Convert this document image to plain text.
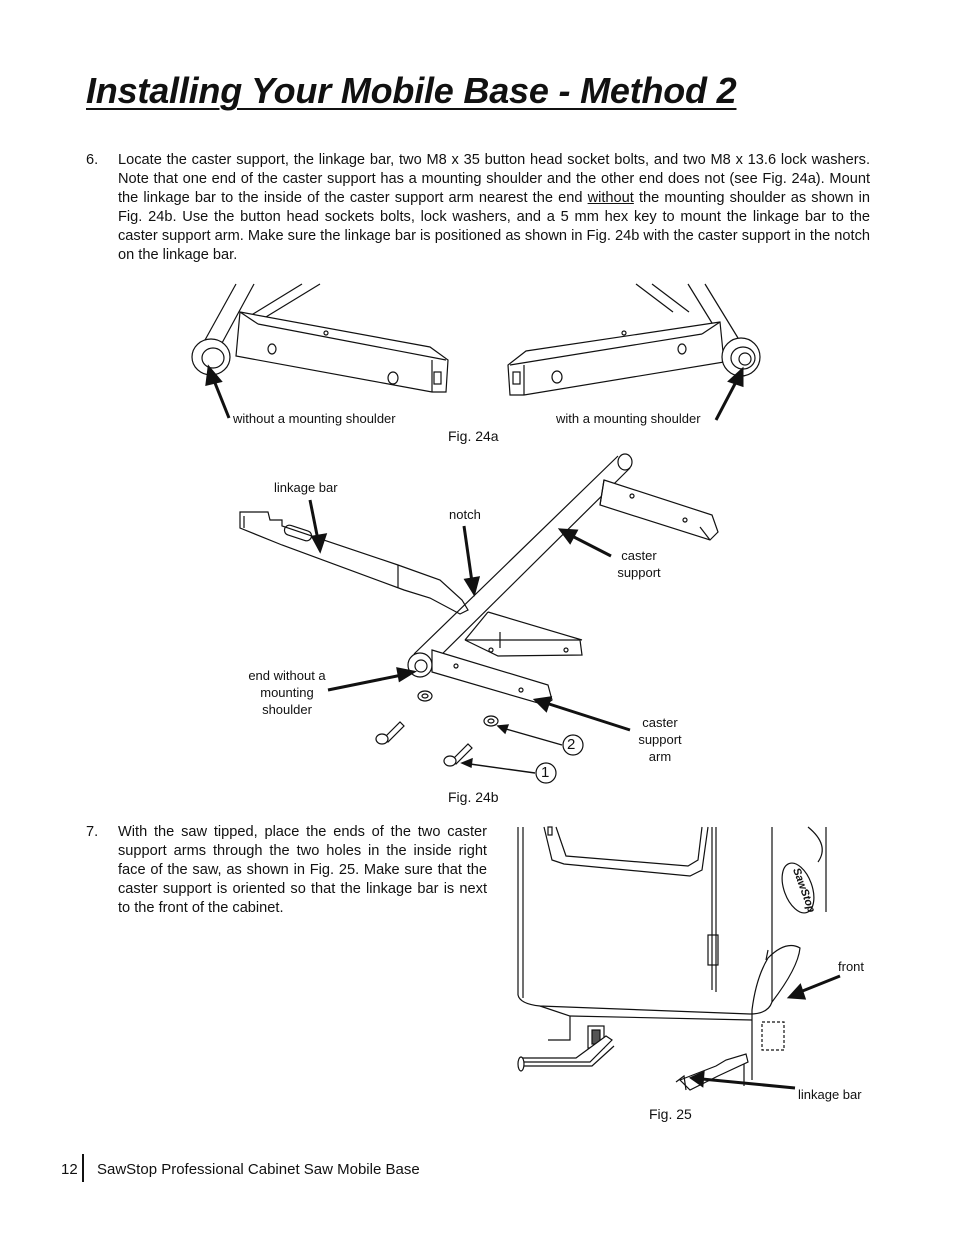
Installing Your Mobile Base - Method 2
6. Locate the caster support, the linkage bar, two M8 x 35 button head socket bolts, and two M8 x 13.6 lock washers. Note that one end of the caster support has a mounting shoulder and the other end does not (see Fig. 24a). Mount the linkage bar to the inside of the caster support arm nearest the end without the mounting shoulder as shown in Fig. 24b. Use the button head sockets bolts, lock washers, and a 5 mm hex key to mount the linkage bar to the caster support arm. Make sure the linkage bar is positioned as shown in Fig. 24b with the caster support in the notch on the linkage bar.
without a mounting shoulder	with a mounting shoulder
Fig. 24a
linkage bar
notch
caster support
end without a mounting shoulder
caster support arm
2
1
Fig. 24b
7. With the saw tipped, place the ends of the two caster support arms through the two holes in the inside right face of the saw, as shown in Fig. 25. Make sure that the caster support is oriented so that the linkage bar is next to the front of the cabinet.	SawStop
front
linkage bar
Fig. 25
12 SawStop Professional Cabinet Saw Mobile Base
